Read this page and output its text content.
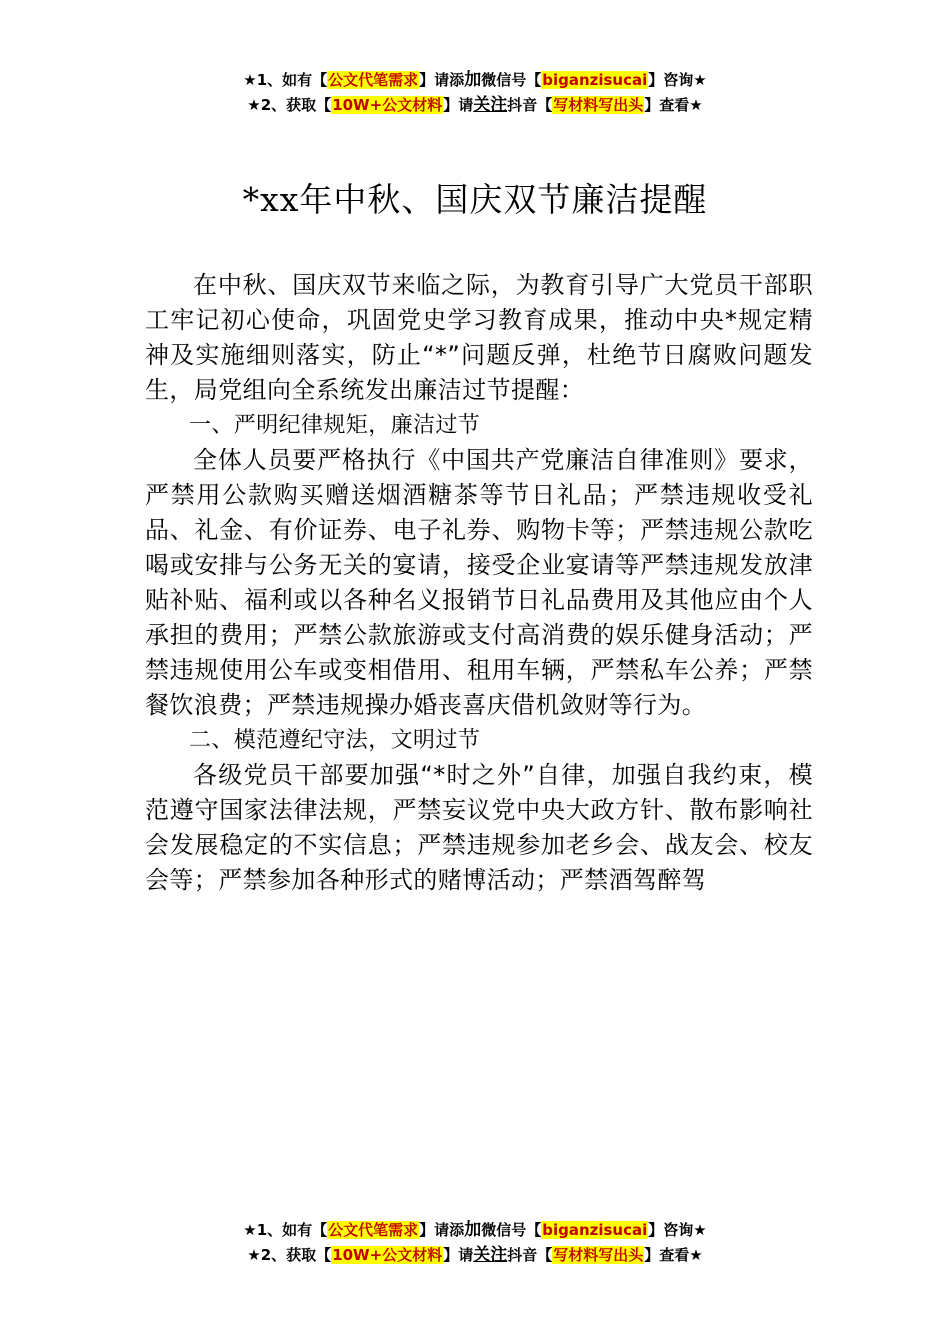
★1、如有【公文代笔需求】请添加微信号【biganzisucai】咨询★
★2、获取【10W+公文材料】请关注抖音【写材料写出头】查看★
*xx年中秋、国庆双节廉洁提醒

在中秋、国庆双节来临之际，为教育引导广大党员干部职工牢记初心使命，巩固党史学习教育成果，推动中央*规定精神及实施细则落实，防止“*”问题反弹，杜绝节日腐败问题发生，局党组向全系统发出廉洁过节提醒：

一、严明纪律规矩，廉洁过节

全体人员要严格执行《中国共产党廉洁自律准则》要求，严禁用公款购买赠送烟酒糖茶等节日礼品；严禁违规收受礼品、礼金、有价证券、电子礼券、购物卡等；严禁违规公款吃喝或安排与公务无关的宴请，接受企业宴请等严禁违规发放津贴补贴、福利或以各种名义报销节日礼品费用及其他应由个人承担的费用；严禁公款旅游或支付高消费的娱乐健身活动；严禁违规使用公车或变相借用、租用车辆，严禁私车公养；严禁餐饮浪费；严禁违规操办婚丧喜庆借机敛财等行为。

二、模范遵纪守法，文明过节

各级党员干部要加强“*时之外”自律，加强自我约束，模范遵守国家法律法规，严禁妄议党中央大政方针、散布影响社会发展稳定的不实信息；严禁违规参加老乡会、战友会、校友会等；严禁参加各种形式的赌博活动；严禁酒驾醉驾

★1、如有【公文代笔需求】请添加微信号【biganzisucai】咨询★
★2、获取【10W+公文材料】请关注抖音【写材料写出头】查看★
